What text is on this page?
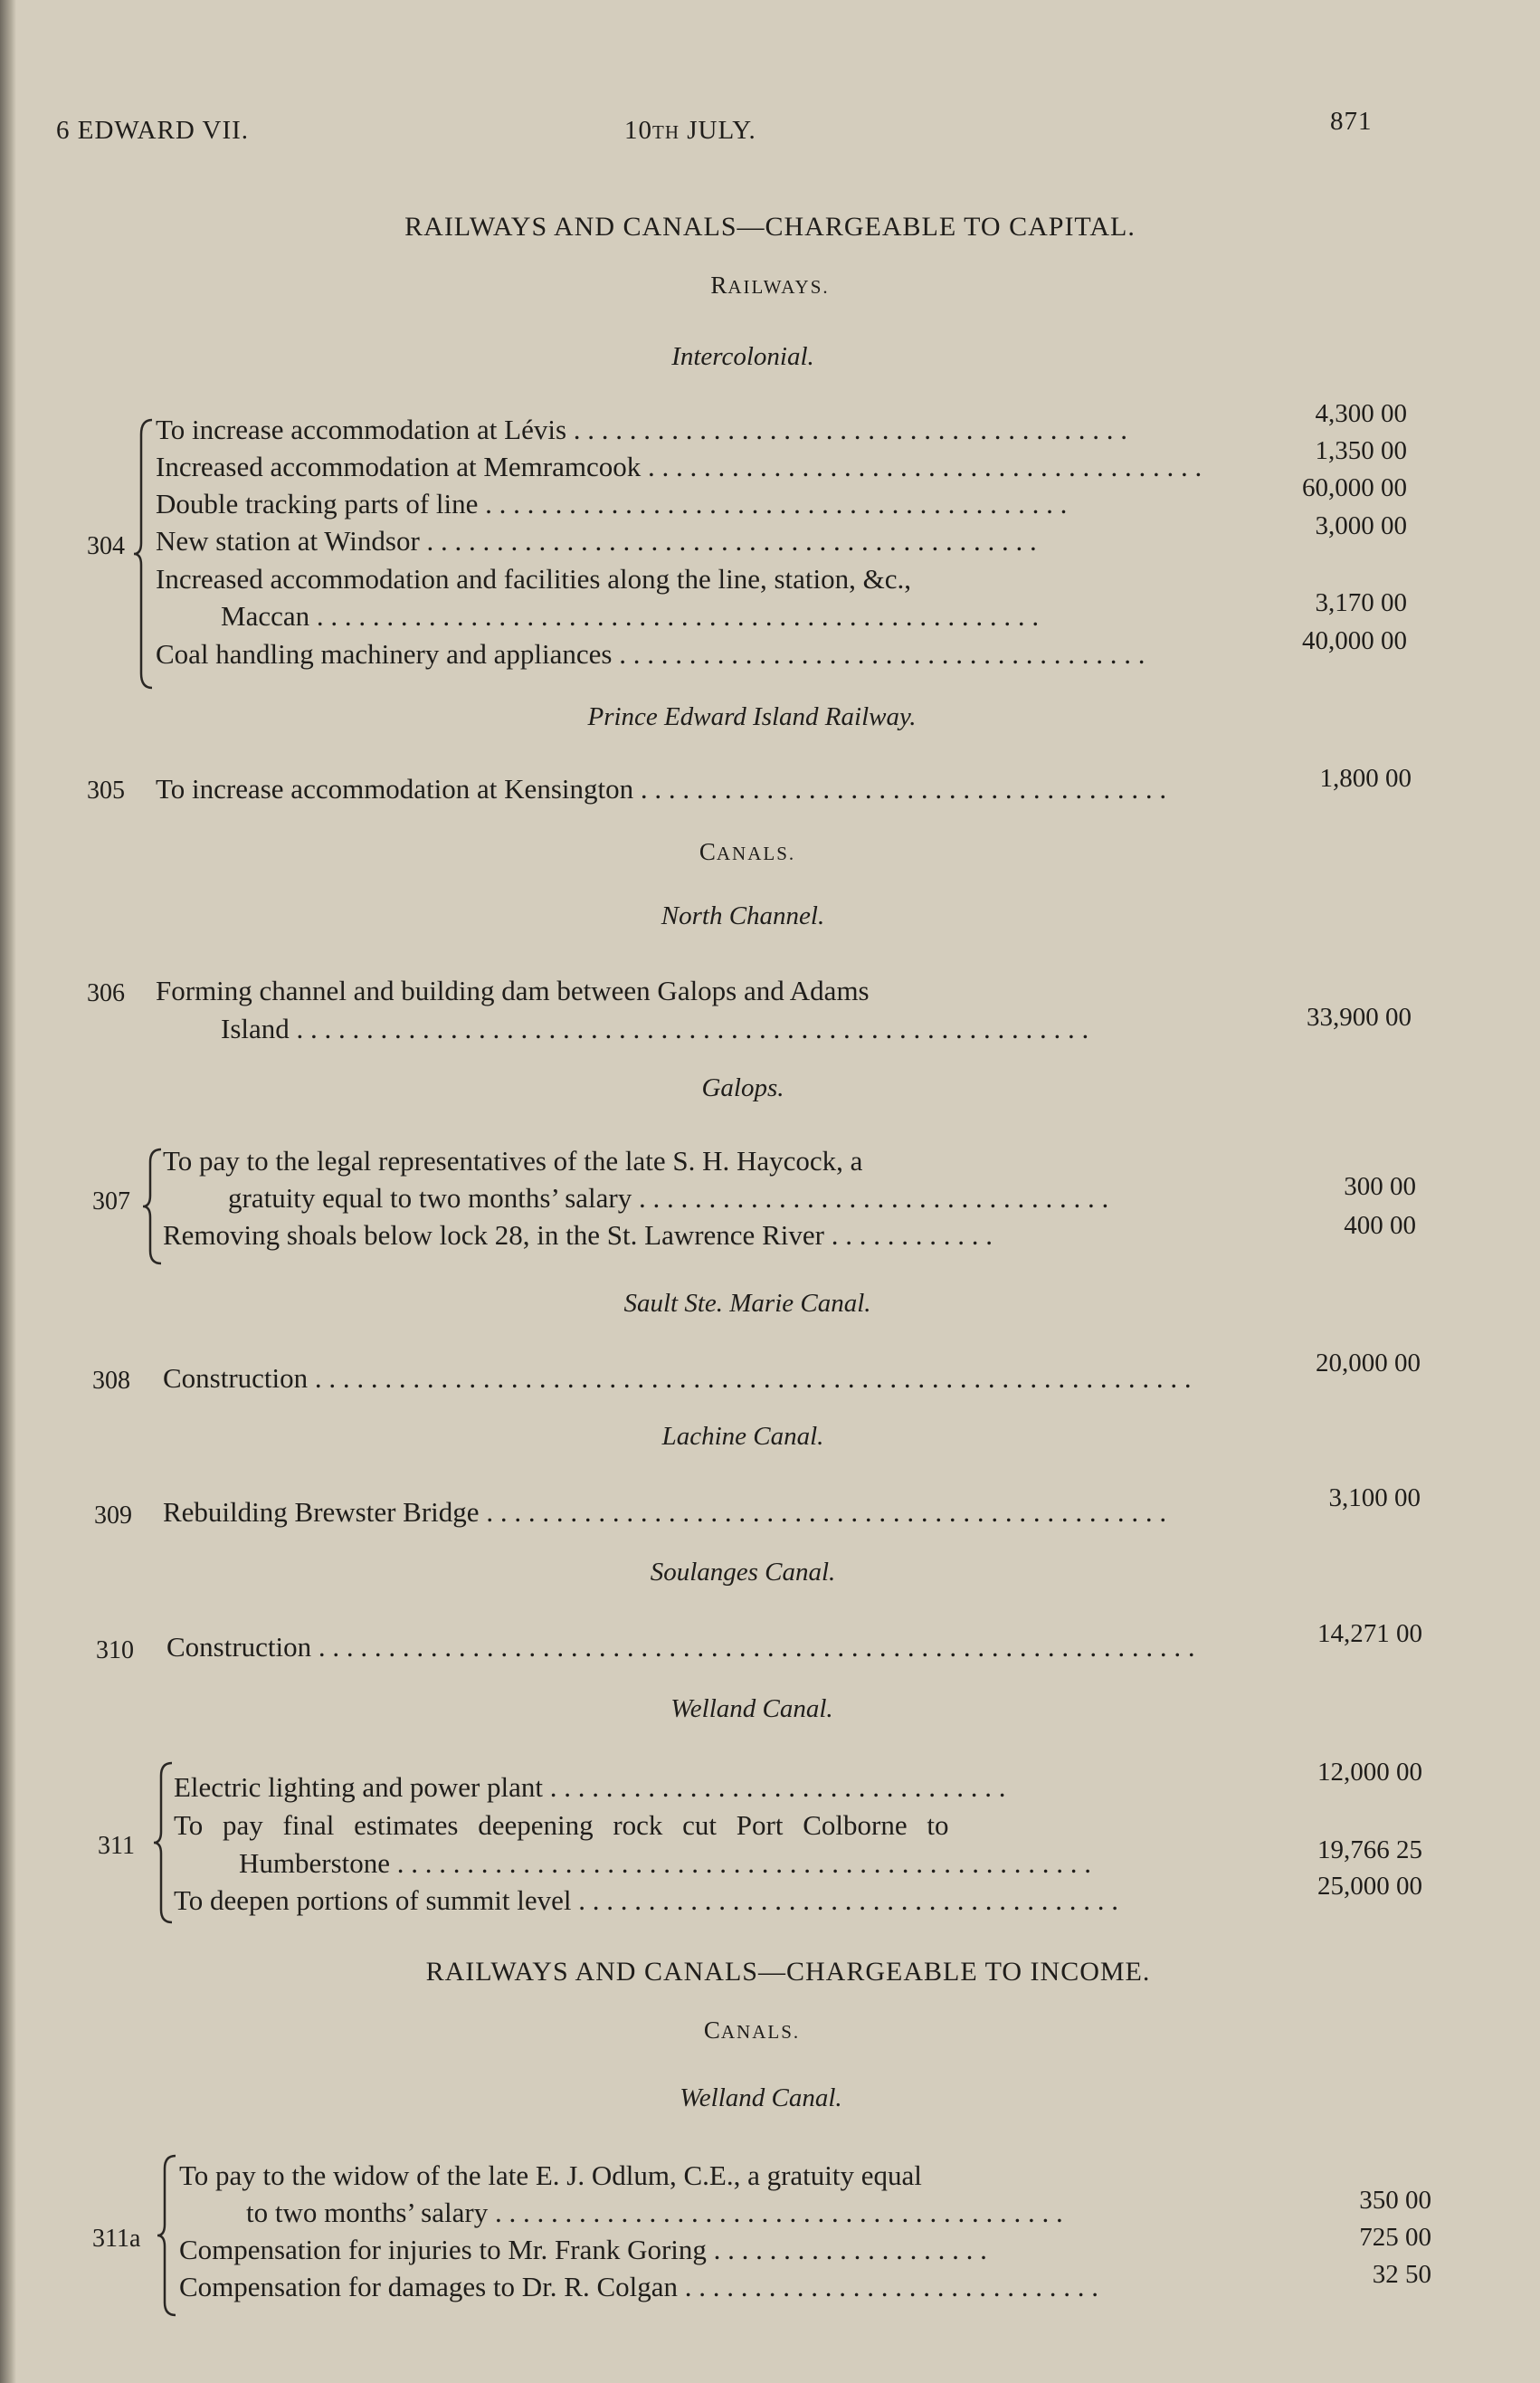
6 EDWARD VII.	10TH JULY.	871
RAILWAYS AND CANALS—CHARGEABLE TO CAPITAL.
RAILWAYS.
Intercolonial.
304
To increase accommodation at Lévis . . . . . . . . . . . . . . . . . . . . . . . . . . . . . . . . . . . . . . . .	4,300 00
Increased accommodation at Memramcook . . . . . . . . . . . . . . . . . . . . . . . . . . . . . . . . . . . . . . . .	1,350 00
Double tracking parts of line . . . . . . . . . . . . . . . . . . . . . . . . . . . . . . . . . . . . . . . . . .	60,000 00
New station at Windsor . . . . . . . . . . . . . . . . . . . . . . . . . . . . . . . . . . . . . . . . . . . .	3,000 00
Increased accommodation and facilities along the line, station, &c.,
Maccan . . . . . . . . . . . . . . . . . . . . . . . . . . . . . . . . . . . . . . . . . . . . . . . . . . . .	3,170 00
Coal handling machinery and appliances . . . . . . . . . . . . . . . . . . . . . . . . . . . . . . . . . . . . . .	40,000 00
Prince Edward Island Railway.
305 To increase accommodation at Kensington . . . . . . . . . . . . . . . . . . . . . . . . . . . . . . . . . . . . . .	1,800 00
CANALS.
North Channel.
306 Forming channel and building dam between Galops and Adams
Island . . . . . . . . . . . . . . . . . . . . . . . . . . . . . . . . . . . . . . . . . . . . . . . . . . . . . . . . .	33,900 00
Galops.
307
To pay to the legal representatives of the late S. H. Haycock, a
gratuity equal to two months’ salary . . . . . . . . . . . . . . . . . . . . . . . . . . . . . . . . . .	300 00
Removing shoals below lock 28, in the St. Lawrence River . . . . . . . . . . . .	400 00
Sault Ste. Marie Canal.
308 Construction . . . . . . . . . . . . . . . . . . . . . . . . . . . . . . . . . . . . . . . . . . . . . . . . . . . . . . . . . . . . . . .	20,000 00
Lachine Canal.
309 Rebuilding Brewster Bridge . . . . . . . . . . . . . . . . . . . . . . . . . . . . . . . . . . . . . . . . . . . . . . . . .	3,100 00
Soulanges Canal.
310 Construction . . . . . . . . . . . . . . . . . . . . . . . . . . . . . . . . . . . . . . . . . . . . . . . . . . . . . . . . . . . . . . .	14,271 00
Welland Canal.
311
Electric lighting and power plant . . . . . . . . . . . . . . . . . . . . . . . . . . . . . . . . .	12,000 00
To pay final estimates deepening rock cut Port Colborne to
Humberstone . . . . . . . . . . . . . . . . . . . . . . . . . . . . . . . . . . . . . . . . . . . . . . . . . .	19,766 25
To deepen portions of summit level . . . . . . . . . . . . . . . . . . . . . . . . . . . . . . . . . . . . . . .	25,000 00
RAILWAYS AND CANALS—CHARGEABLE TO INCOME.
CANALS.
Welland Canal.
311a
To pay to the widow of the late E. J. Odlum, C.E., a gratuity equal
to two months’ salary . . . . . . . . . . . . . . . . . . . . . . . . . . . . . . . . . . . . . . . . .	350 00
Compensation for injuries to Mr. Frank Goring . . . . . . . . . . . . . . . . . . . .	725 00
Compensation for damages to Dr. R. Colgan . . . . . . . . . . . . . . . . . . . . . . . . . . . . . .	32 50
